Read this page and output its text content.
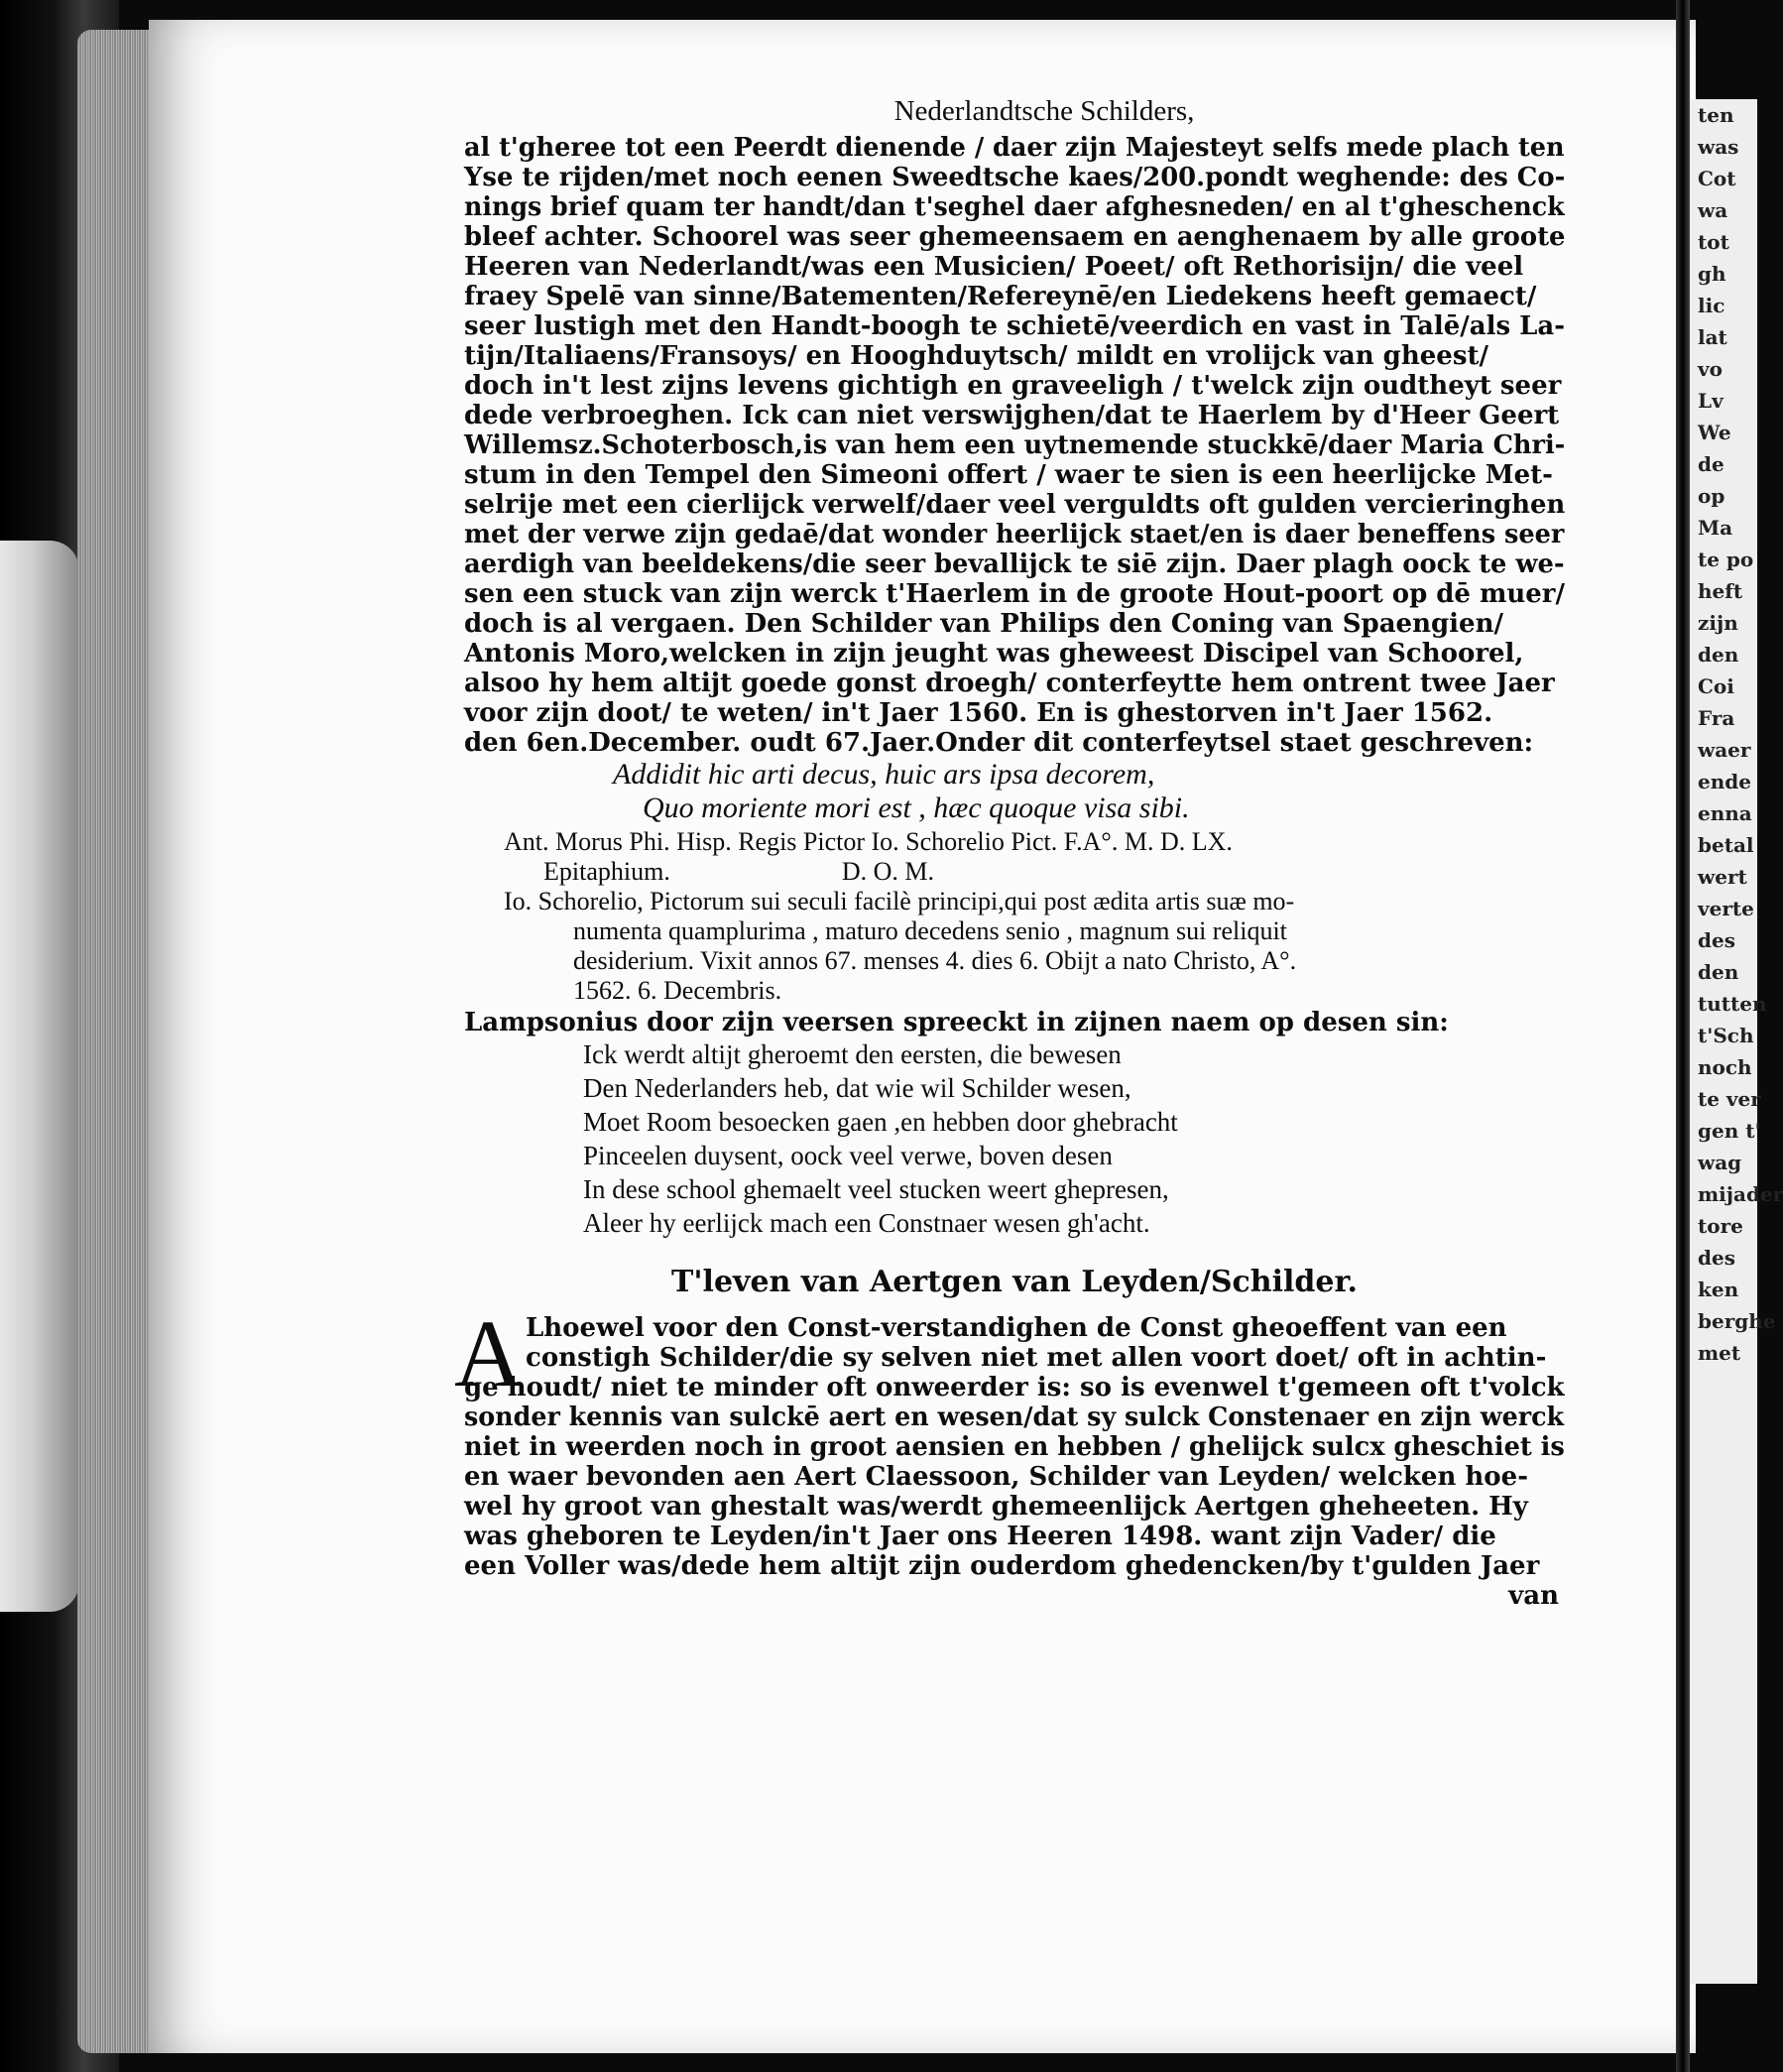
ten
was
Cot
wa
tot
gh
lic
lat
vo
Lv
We
de
op
Ma
te po
heft
zijn
den
Coi
Fra
waer
ende
enna
betal
wert
verte
des
den
tutten
t'Sch
noch
te ver
gen t'
wag
mijader
tore
des
ken
berghe
met
Nederlandtsche Schilders,
al t'gheree tot een Peerdt dienende / daer zijn Majesteyt selfs mede plach ten
Yse te rijden/met noch eenen Sweedtsche kaes/200.pondt weghende: des Co-
nings brief quam ter handt/dan t'seghel daer afghesneden/ en al t'gheschenck
bleef achter. Schoorel was seer ghemeensaem en aenghenaem by alle groote
Heeren van Nederlandt/was een Musicien/ Poeet/ oft Rethorisijn/ die veel
fraey Spelē van sinne/Batementen/Refereynē/en Liedekens heeft gemaect/
seer lustigh met den Handt-boogh te schietē/veerdich en vast in Talē/als La-
tijn/Italiaens/Fransoys/ en Hooghduytsch/ mildt en vrolijck van gheest/
doch in't lest zijns levens gichtigh en graveeligh / t'welck zijn oudtheyt seer
dede verbroeghen. Ick can niet verswijghen/dat te Haerlem by d'Heer Geert
Willemsz.Schoterbosch,is van hem een uytnemende stuckkē/daer Maria Chri-
stum in den Tempel den Simeoni offert / waer te sien is een heerlijcke Met-
selrije met een cierlijck verwelf/daer veel verguldts oft gulden vercieringhen
met der verwe zijn gedaē/dat wonder heerlijck staet/en is daer beneffens seer
aerdigh van beeldekens/die seer bevallijck te siē zijn. Daer plagh oock te we-
sen een stuck van zijn werck t'Haerlem in de groote Hout-poort op dē muer/
doch is al vergaen. Den Schilder van Philips den Coning van Spaengien/
Antonis Moro,welcken in zijn jeught was gheweest Discipel van Schoorel,
alsoo hy hem altijt goede gonst droegh/ conterfeytte hem ontrent twee Jaer
voor zijn doot/ te weten/ in't Jaer 1560. En is ghestorven in't Jaer 1562.
den 6en.December. oudt 67.Jaer.Onder dit conterfeytsel staet geschreven:
Addidit hic arti decus, huic ars ipsa decorem,
Quo moriente mori est , hæc quoque visa sibi.
Ant. Morus Phi. Hisp. Regis Pictor Io. Schorelio Pict. F.A°. M. D. LX.
Epitaphium.	D. O. M.
Io. Schorelio, Pictorum sui seculi facilè principi,qui post ædita artis suæ mo-
numenta quamplurima , maturo decedens senio , magnum sui reliquit
desiderium. Vixit annos 67. menses 4. dies 6. Obijt a nato Christo, A°.
1562. 6. Decembris.
Lampsonius door zijn veersen spreeckt in zijnen naem op desen sin:
Ick werdt altijt gheroemt den eersten, die bewesen
Den Nederlanders heb, dat wie wil Schilder wesen,
Moet Room besoecken gaen ,en hebben door ghebracht
Pinceelen duysent, oock veel verwe, boven desen
In dese school ghemaelt veel stucken weert ghepresen,
Aleer hy eerlijck mach een Constnaer wesen gh'acht.
T'leven van Aertgen van Leyden/Schilder.
A Lhoewel voor den Const-verstandighen de Const gheoeffent van een
constigh Schilder/die sy selven niet met allen voort doet/ oft in achtin-
ge houdt/ niet te minder oft onweerder is: so is evenwel t'gemeen oft t'volck
sonder kennis van sulckē aert en wesen/dat sy sulck Constenaer en zijn werck
niet in weerden noch in groot aensien en hebben / ghelijck sulcx gheschiet is
en waer bevonden aen Aert Claessoon, Schilder van Leyden/ welcken hoe-
wel hy groot van ghestalt was/werdt ghemeenlijck Aertgen gheheeten. Hy
was gheboren te Leyden/in't Jaer ons Heeren 1498. want zijn Vader/ die
een Voller was/dede hem altijt zijn ouderdom ghedencken/by t'gulden Jaer
van
